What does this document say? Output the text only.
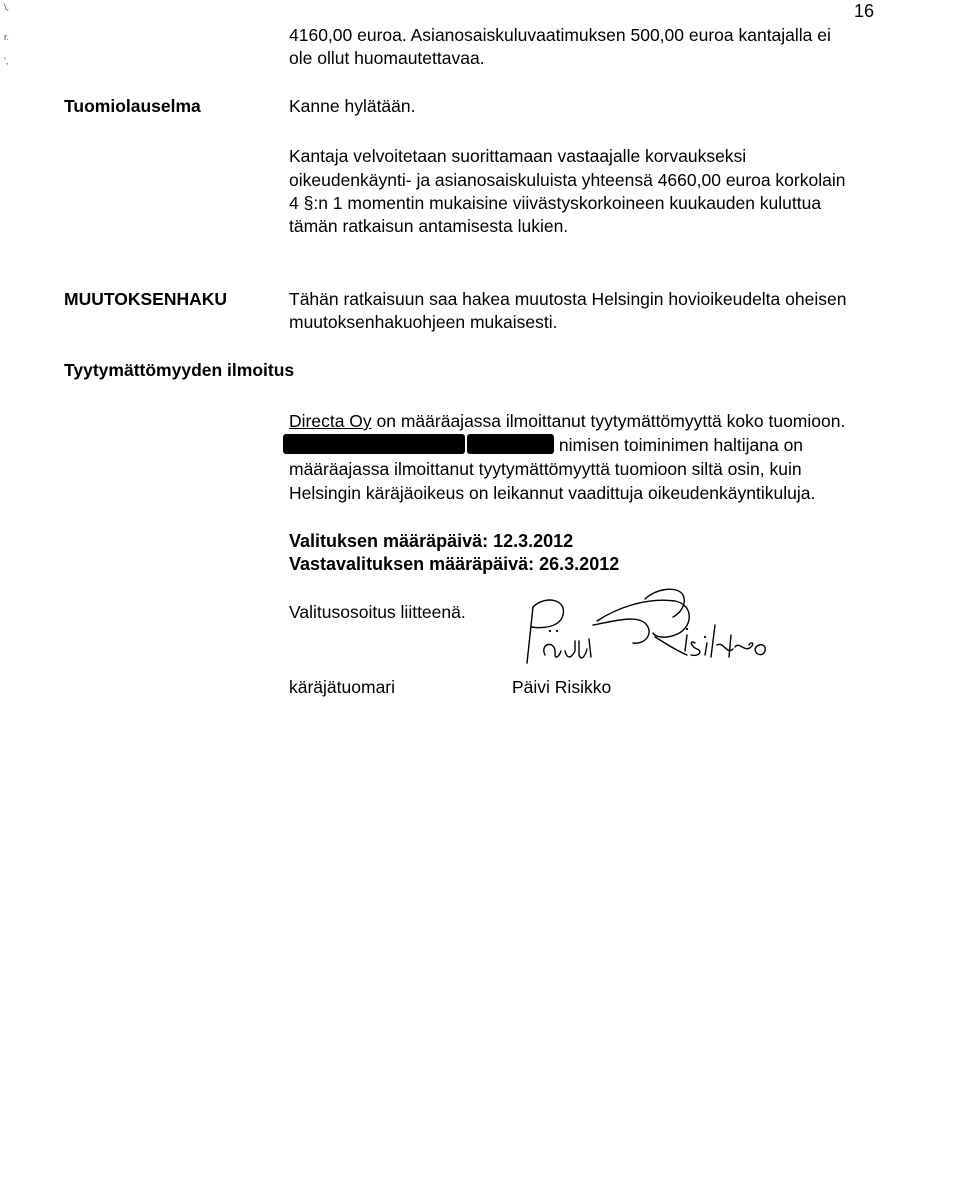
\,
r.
',
16
4160,00 euroa. Asianosaiskuluvaatimuksen 500,00 euroa kantajalla ei
ole ollut huomautettavaa.
Tuomiolauselma	Kanne hylätään.
Kantaja velvoitetaan suorittamaan vastaajalle korvaukseksi
oikeudenkäynti- ja asianosaiskuluista yhteensä 4660,00 euroa korkolain
4 §:n 1 momentin mukaisine viivästyskorkoineen kuukauden kuluttua
tämän ratkaisun antamisesta lukien.
MUUTOKSENHAKU	Tähän ratkaisuun saa hakea muutosta Helsingin hovioikeudelta oheisen
muutoksenhakuohjeen mukaisesti.
Tyytymättömyyden ilmoitus
Directa Oy on määräajassa ilmoittanut tyytymättömyyttä koko tuomioon.
nimisen toiminimen haltijana on
määräajassa ilmoittanut tyytymättömyyttä tuomioon siltä osin, kuin
Helsingin käräjäoikeus on leikannut vaadittuja oikeudenkäyntikuluja.
Valituksen määräpäivä: 12.3.2012
Vastavalituksen määräpäivä: 26.3.2012
Valitusosoitus liitteenä.
käräjätuomari	Päivi Risikko
